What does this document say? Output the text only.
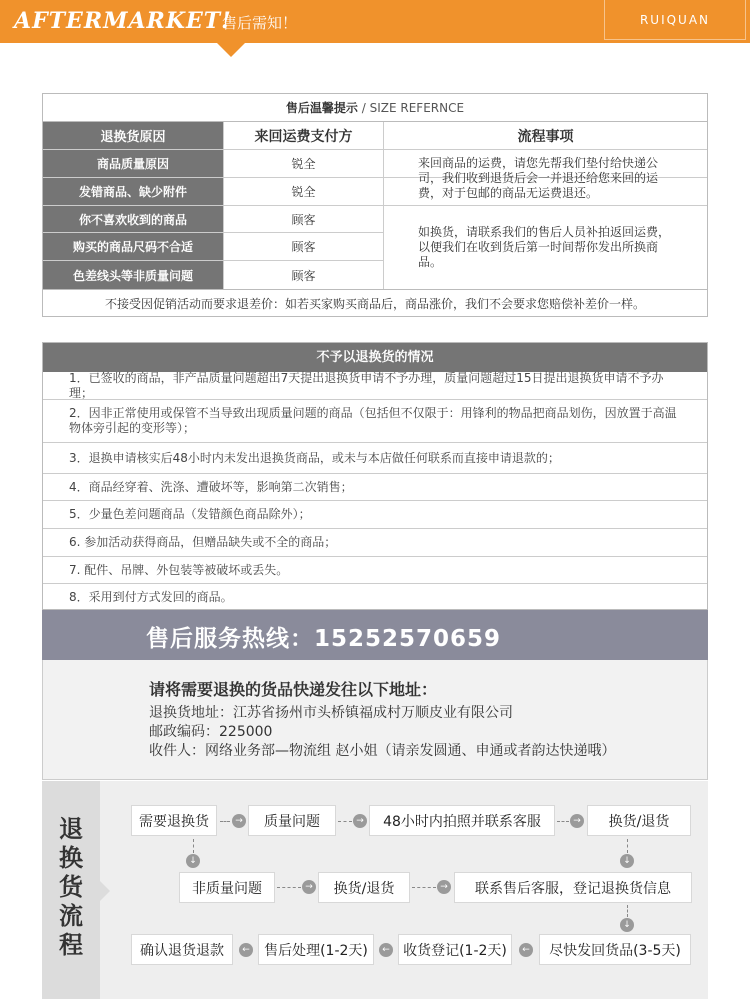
AFTERMARKET!
售后需知！	RUIQUAN
售后温馨提示 / SIZE REFERNCE
退换货原因	来回运费支付方	流程事项
商品质量原因	锐全
发错商品、缺少附件	锐全
来回商品的运费，请您先帮我们垫付给快递公司，我们收到退货后会一并退还给您来回的运费，对于包邮的商品无运费退还。
你不喜欢收到的商品	顾客
购买的商品尺码不合适	顾客
色差线头等非质量问题	顾客
如换货，请联系我们的售后人员补拍返回运费，以便我们在收到货后第一时间帮你发出所换商品。
不接受因促销活动而要求退差价：如若买家购买商品后，商品涨价，我们不会要求您赔偿补差价一样。
不予以退换货的情况
1．已签收的商品，非产品质量问题超出7天提出退换货申请不予办理，质量问题超过15日提出退换货申请不予办理；
2．因非正常使用或保管不当导致出现质量问题的商品（包括但不仅限于：用锋利的物品把商品划伤，因放置于高温物体旁引起的变形等）；
3．退换申请核实后48小时内未发出退换货商品，或未与本店做任何联系而直接申请退款的；
4．商品经穿着、洗涤、遭破坏等，影响第二次销售；
5．少量色差问题商品（发错颜色商品除外）；
6. 参加活动获得商品，但赠品缺失或不全的商品；
7. 配件、吊牌、外包装等被破坏或丢失。
8．采用到付方式发回的商品。
售后服务热线：15252570659
请将需要退换的货品快递发往以下地址：
退换货地址：江苏省扬州市头桥镇福成村万顺皮业有限公司
邮政编码：225000
收件人：网络业务部—物流组 赵小姐（请亲发圆通、申通或者韵达快递哦）
退
换
货
流
程
需要退换货	→	质量问题	→	48小时内拍照并联系客服	→	换货/退货
↓	↓
非质量问题	→	换货/退货	→	联系售后客服，登记退换货信息
↓
确认退货退款	←	售后处理(1-2天)	← 收货登记(1-2天)	←	尽快发回货品(3-5天)
